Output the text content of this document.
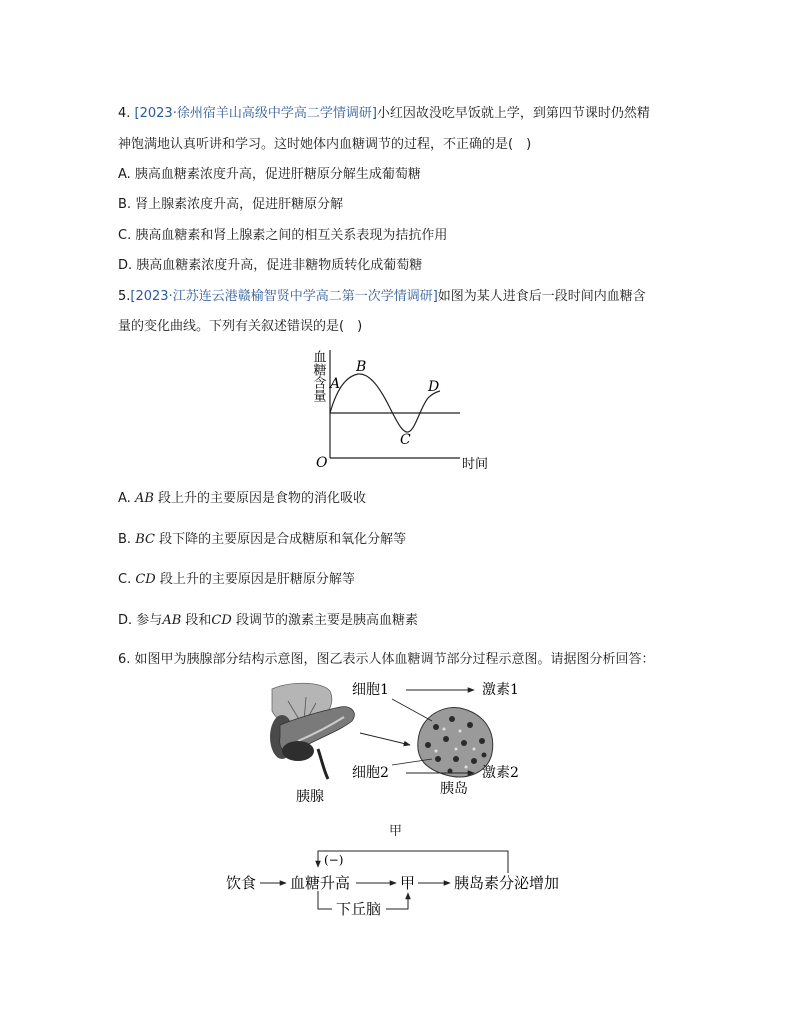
4. [2023·徐州宿羊山高级中学高二学情调研]小红因故没吃早饭就上学，到第四节课时仍然精
神饱满地认真听讲和学习。这时她体内血糖调节的过程，不正确的是(　)
A. 胰高血糖素浓度升高，促进肝糖原分解生成葡萄糖
B. 肾上腺素浓度升高，促进肝糖原分解
C. 胰高血糖素和肾上腺素之间的相互关系表现为拮抗作用
D. 胰高血糖素浓度升高，促进非糖物质转化成葡萄糖
5.[2023·江苏连云港赣榆智贤中学高二第一次学情调研]如图为某人进食后一段时间内血糖含
量的变化曲线。下列有关叙述错误的是(　)
血糖含量 A
B
C
D
O	时间
A. AB 段上升的主要原因是食物的消化吸收
B. BC 段下降的主要原因是合成糖原和氧化分解等
C. CD 段上升的主要原因是肝糖原分解等
D. 参与AB 段和CD 段调节的激素主要是胰高血糖素
6. 如图甲为胰腺部分结构示意图，图乙表示人体血糖调节部分过程示意图。请据图分析回答：
细胞1
细胞2
激素1
激素2
胰腺	胰岛
甲
饮食 血糖升高	甲	胰岛素分泌增加
下丘脑
(−)
